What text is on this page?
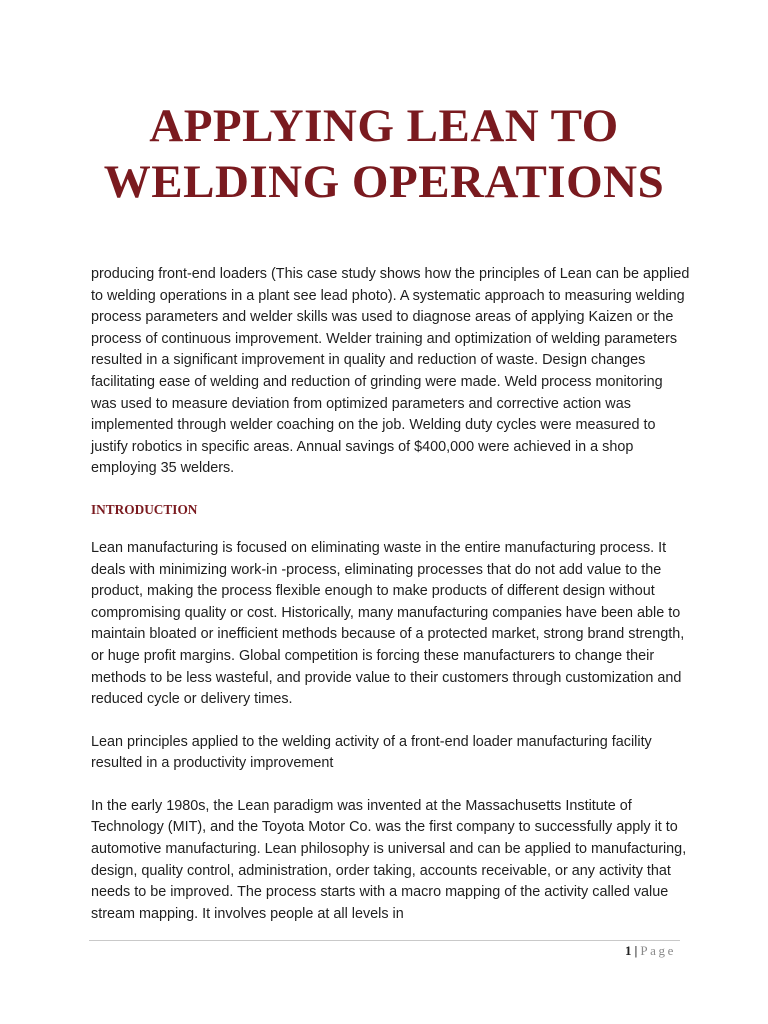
APPLYING LEAN TO
WELDING OPERATIONS

producing front-end loaders (This case study shows how the principles of Lean can be applied to welding operations in a plant see lead photo). A systematic approach to measuring welding process parameters and welder skills was used to diagnose areas of applying Kaizen or the process of continuous improvement. Welder training and optimization of welding parameters resulted in a significant improvement in quality and reduction of waste. Design changes facilitating ease of welding and reduction of grinding were made. Weld process monitoring was used to measure deviation from optimized parameters and corrective action was implemented through welder coaching on the job. Welding duty cycles were measured to justify robotics in specific areas. Annual savings of $400,000 were achieved in a shop employing 35 welders.

INTRODUCTION

Lean manufacturing is focused on eliminating waste in the entire manufacturing process. It deals with minimizing work-in -process, eliminating processes that do not add value to the product, making the process flexible enough to make products of different design without compromising quality or cost. Historically, many manufacturing companies have been able to maintain bloated or inefficient methods because of a protected market, strong brand strength, or huge profit margins. Global competition is forcing these manufacturers to change their methods to be less wasteful, and provide value to their customers through customization and reduced cycle or delivery times.

Lean principles applied to the welding activity of a front-end loader manufacturing facility resulted in a productivity improvement

In the early 1980s, the Lean paradigm was invented at the Massachusetts Institute of Technology (MIT), and the Toyota Motor Co. was the first company to successfully apply it to automotive manufacturing. Lean philosophy is universal and can be applied to manufacturing, design, quality control, administration, order taking, accounts receivable, or any activity that needs to be improved. The process starts with a macro mapping of the activity called value stream mapping. It involves people at all levels in

1 | Page
